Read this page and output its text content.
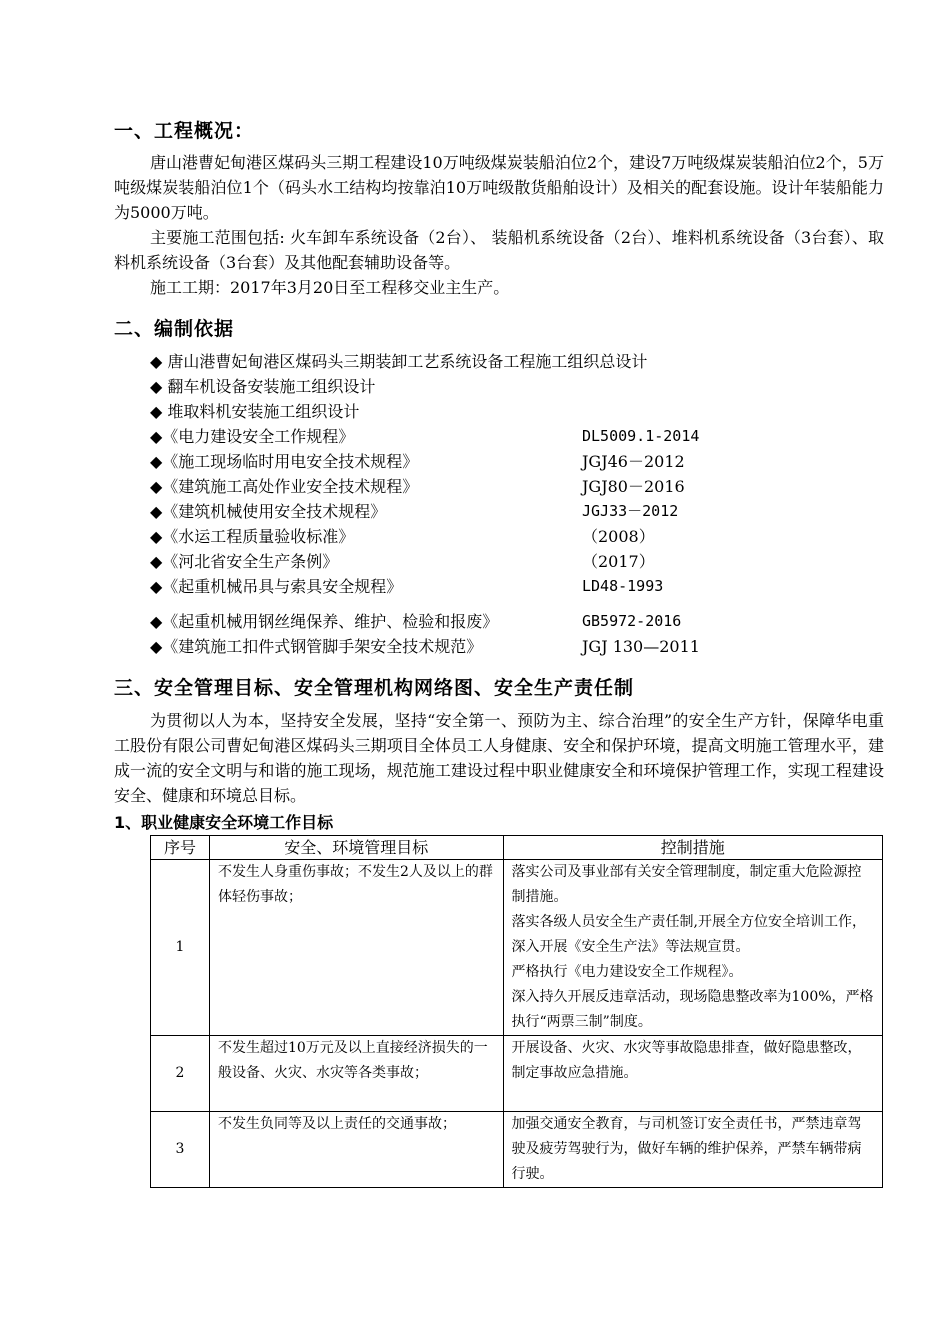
一、工程概况：
唐山港曹妃甸港区煤码头三期工程建设10万吨级煤炭装船泊位2个，建设7万吨级煤炭装船泊位2个，5万吨级煤炭装船泊位1个（码头水工结构均按靠泊10万吨级散货船舶设计）及相关的配套设施。设计年装船能力为5000万吨。
主要施工范围包括: 火车卸车系统设备（2台）、 装船机系统设备（2台）、堆料机系统设备（3台套）、取料机系统设备（3台套）及其他配套辅助设备等。
施工工期：2017年3月20日至工程移交业主生产。
二、编制依据
◆ 唐山港曹妃甸港区煤码头三期装卸工艺系统设备工程施工组织总设计
◆ 翻车机设备安装施工组织设计
◆ 堆取料机安装施工组织设计
◆《电力建设安全工作规程》	DL5009.1-2014
◆《施工现场临时用电安全技术规程》	JGJ46－2012
◆《建筑施工高处作业安全技术规程》	JGJ80－2016
◆《建筑机械使用安全技术规程》	JGJ33－2012
◆《水运工程质量验收标准》	（2008）
◆《河北省安全生产条例》	（2017）
◆《起重机械吊具与索具安全规程》	LD48-1993
◆《起重机械用钢丝绳保养、维护、检验和报废》	GB5972-2016
◆《建筑施工扣件式钢管脚手架安全技术规范》	JGJ 130—2011
三、安全管理目标、安全管理机构网络图、安全生产责任制
为贯彻以人为本，坚持安全发展，坚持“安全第一、预防为主、综合治理”的安全生产方针，保障华电重工股份有限公司曹妃甸港区煤码头三期项目全体员工人身健康、安全和保护环境，提高文明施工管理水平，建成一流的安全文明与和谐的施工现场，规范施工建设过程中职业健康安全和环境保护管理工作，实现工程建设安全、健康和环境总目标。
1、职业健康安全环境工作目标
序号	安全、环境管理目标	控制措施
1	不发生人身重伤事故；不发生2人及以上的群体轻伤事故；	落实公司及事业部有关安全管理制度，制定重大危险源控制措施。
落实各级人员安全生产责任制,开展全方位安全培训工作，深入开展《安全生产法》等法规宣贯。
严格执行《电力建设安全工作规程》。
深入持久开展反违章活动，现场隐患整改率为100%，严格执行“两票三制”制度。

2	不发生超过10万元及以上直接经济损失的一般设备、火灾、水灾等各类事故；	开展设备、火灾、水灾等事故隐患排查，做好隐患整改，制定事故应急措施。

3	不发生负同等及以上责任的交通事故；	加强交通安全教育，与司机签订安全责任书，严禁违章驾驶及疲劳驾驶行为，做好车辆的维护保养，严禁车辆带病行驶。
